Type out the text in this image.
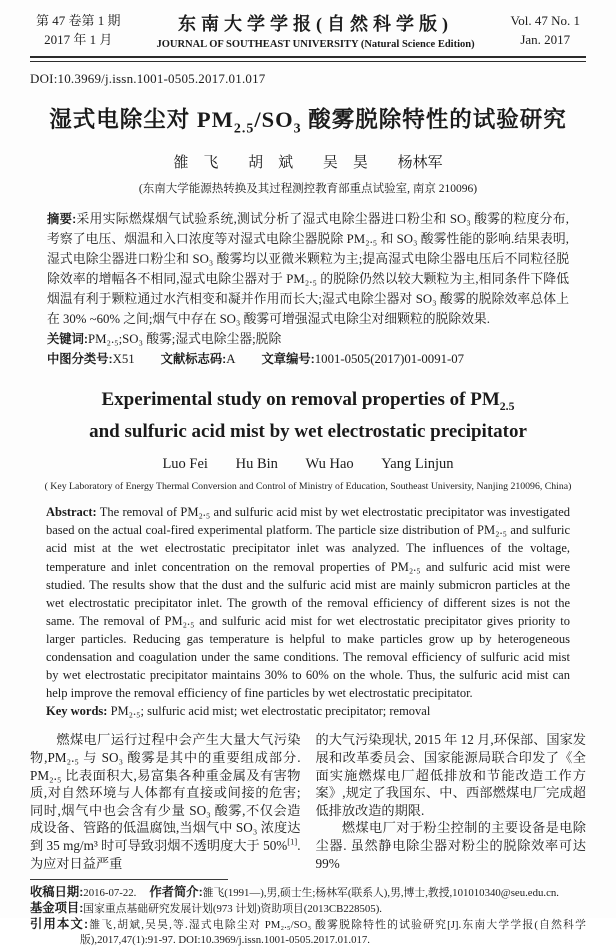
第 47 卷第 1 期
2017 年 1 月
东南大学学报(自然科学版)
JOURNAL OF SOUTHEAST UNIVERSITY (Natural Science Edition)
Vol. 47 No. 1
Jan. 2017
DOI:10.3969/j.issn.1001-0505.2017.01.017
湿式电除尘对 $PM_{2.5}/SO_3$ 酸雾脱除特性的试验研究
雒　飞 胡　斌 吴　昊 杨林军
(东南大学能源热转换及其过程测控教育部重点试验室, 南京 210096)

摘要:采用实际燃煤烟气试验系统,测试分析了湿式电除尘器进口粉尘和 SO₃ 酸雾的粒度分布,考察了电压、烟温和入口浓度等对湿式电除尘器脱除 PM₂.₅ 和 SO₃ 酸雾性能的影响.结果表明,湿式电除尘器进口粉尘和 SO₃ 酸雾均以亚微米颗粒为主;提高湿式电除尘器电压后不同粒径脱除效率的增幅各不相同,湿式电除尘器对于 PM₂.₅ 的脱除仍然以较大颗粒为主,相同条件下降低烟温有利于颗粒通过水汽相变和凝并作用而长大;湿式电除尘器对 SO₃ 酸雾的脱除效率总体上在 30% ~60% 之间;烟气中存在 SO₃ 酸雾可增强湿式电除尘对细颗粒的脱除效果.

关键词:PM₂.₅;SO₃ 酸雾;湿式电除尘器;脱除

中图分类号:X51 文献标志码:A 文章编号:1001-0505(2017)01-0091-07

Experimental study on removal properties of $PM_{2.5}$
and sulfuric acid mist by wet electrostatic precipitator
Luo Fei Hu Bin Wu Hao Yang Linjun
( Key Laboratory of Energy Thermal Conversion and Control of Ministry of Education, Southeast University, Nanjing 210096, China)

Abstract: The removal of PM₂.₅ and sulfuric acid mist by wet electrostatic precipitator was investigated based on the actual coal-fired experimental platform. The particle size distribution of PM₂.₅ and sulfuric acid mist at the wet electrostatic precipitator inlet was analyzed. The influences of the voltage, temperature and inlet concentration on the removal properties of PM₂.₅ and sulfuric acid mist were studied. The results show that the dust and the sulfuric acid mist are mainly submicron particles at the wet electrostatic precipitator inlet. The growth of the removal efficiency of different sizes is not the same. The removal of PM₂.₅ and sulfuric acid mist for wet electrostatic precipitator gives priority to larger particles. Reducing gas temperature is helpful to make particles grow up by heterogeneous condensation and coagulation under the same conditions. The removal efficiency of sulfuric acid mist by wet electrostatic precipitator maintains 30% to 60% on the whole. Thus, the sulfuric acid mist can help improve the removal efficiency of fine particles by wet electrostatic precipitator.

Key words: PM₂.₅; sulfuric acid mist; wet electrostatic precipitator; removal

燃煤电厂运行过程中会产生大量大气污染物,PM₂.₅ 与 SO₃ 酸雾是其中的重要组成部分. PM₂.₅ 比表面积大,易富集各种重金属及有害物质,对自然环境与人体都有直接或间接的危害;同时,烟气中也会含有少量 SO₃ 酸雾,不仅会造成设备、管路的低温腐蚀,当烟气中 SO₃ 浓度达到 35 mg/m³ 时可导致羽烟不透明度大于 50%[1]. 为应对日益严重

的大气污染现状, 2015 年 12 月,环保部、国家发展和改革委员会、国家能源局联合印发了《全面实施燃煤电厂超低排放和节能改造工作方案》,规定了我国东、中、西部燃煤电厂完成超低排放改造的期限.

燃煤电厂对于粉尘控制的主要设备是电除尘器. 虽然静电除尘器对粉尘的脱除效率可达 99%

收稿日期:2016-07-22. 作者简介:雒飞(1991—),男,硕士生;杨林军(联系人),男,博士,教授,101010340@seu.edu.cn.

基金项目:国家重点基础研究发展计划(973 计划)资助项目(2013CB228505).

引用本文:雒飞,胡斌,吴昊,等.湿式电除尘对 PM₂.₅/SO₃ 酸雾脱除特性的试验研究[J].东南大学学报(自然科学版),2017,47(1):91-97. DOI:10.3969/j.issn.1001-0505.2017.01.017.
